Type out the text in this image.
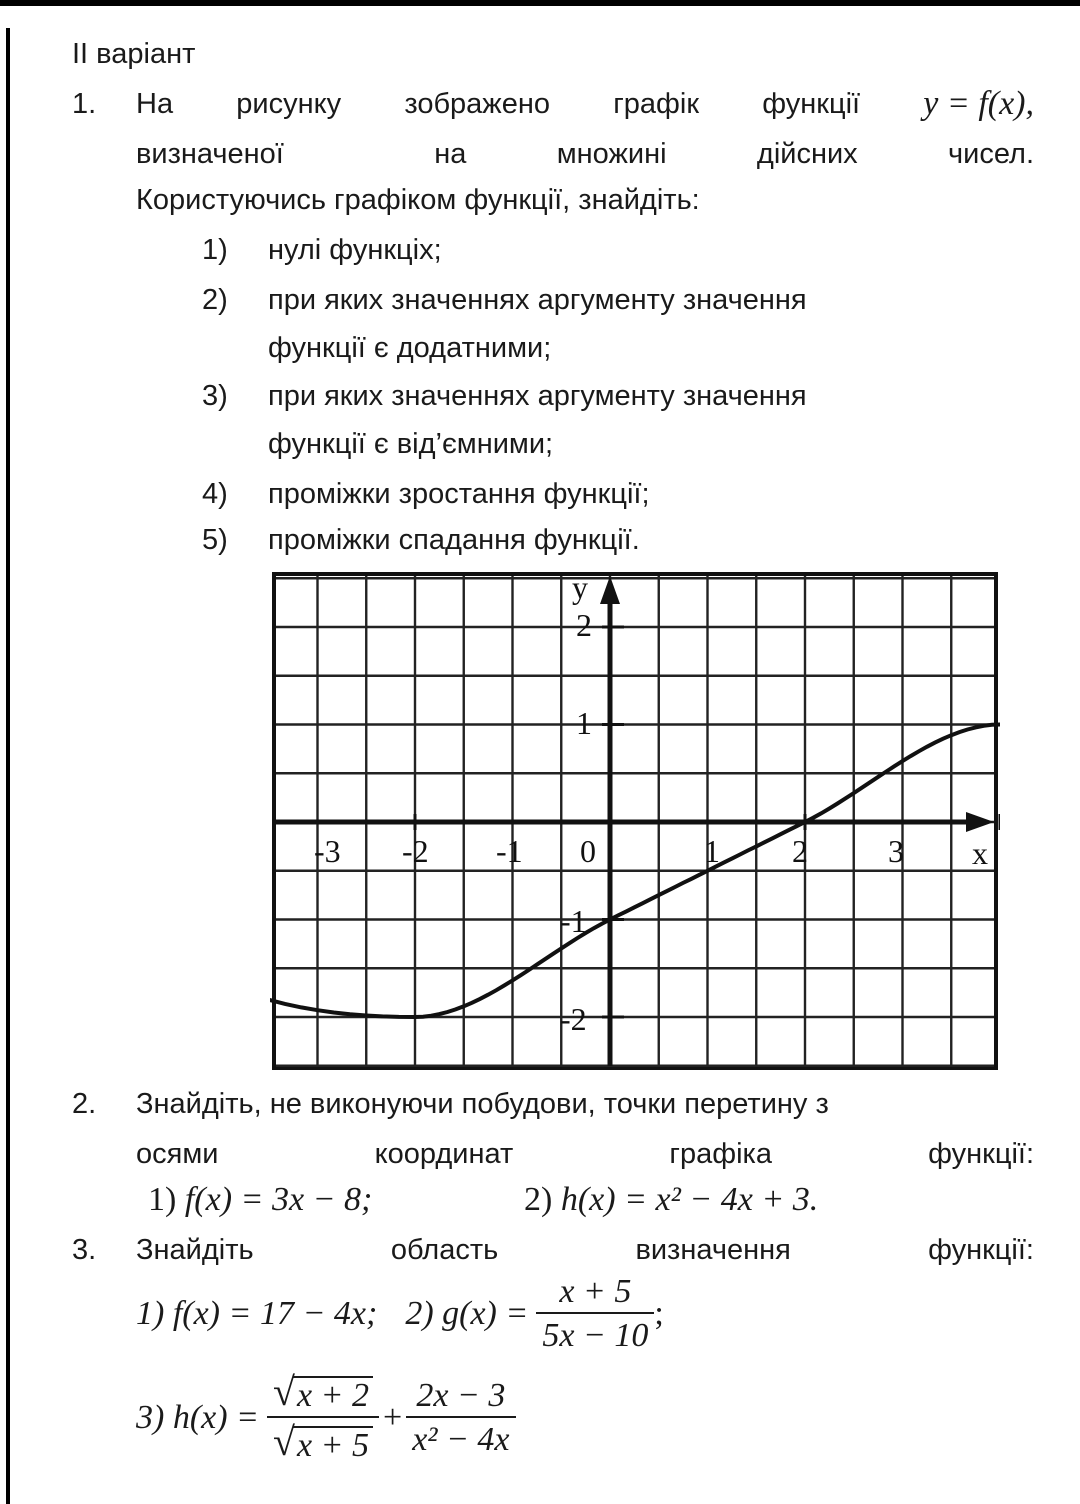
ІІ варіант
1. На рисунку зображено графік функції y = f(x),
визначеної	на	множині	дійсних	чисел.
Користуючись графіком функції, знайдіть:
1) нулі функціх;
2) при яких значеннях аргументу значення
функції є додатними;
3) при яких значеннях аргументу значення
функції є від’ємними;
4) проміжки зростання функції;
5) проміжки спадання функції.
-3 -2 -1 0	1 2	3
2
1
-1
-2
x
y
2. Знайдіть, не виконуючи побудови, точки перетину з
осями	координат	графіка	функції:
1) f(x) = 3x − 8;	2) h(x) = x² − 4x + 3.
3. Знайдіть	область	визначення	функції:
1) f(x) = 17 − 4x; 2) $g(x) = \frac{x + 5}{5x - 10}$ ;
3) $h(x) = \frac{√ x + 2}{√ x + 5} + \frac{2x - 3}{\text{x² − 4x}}$
